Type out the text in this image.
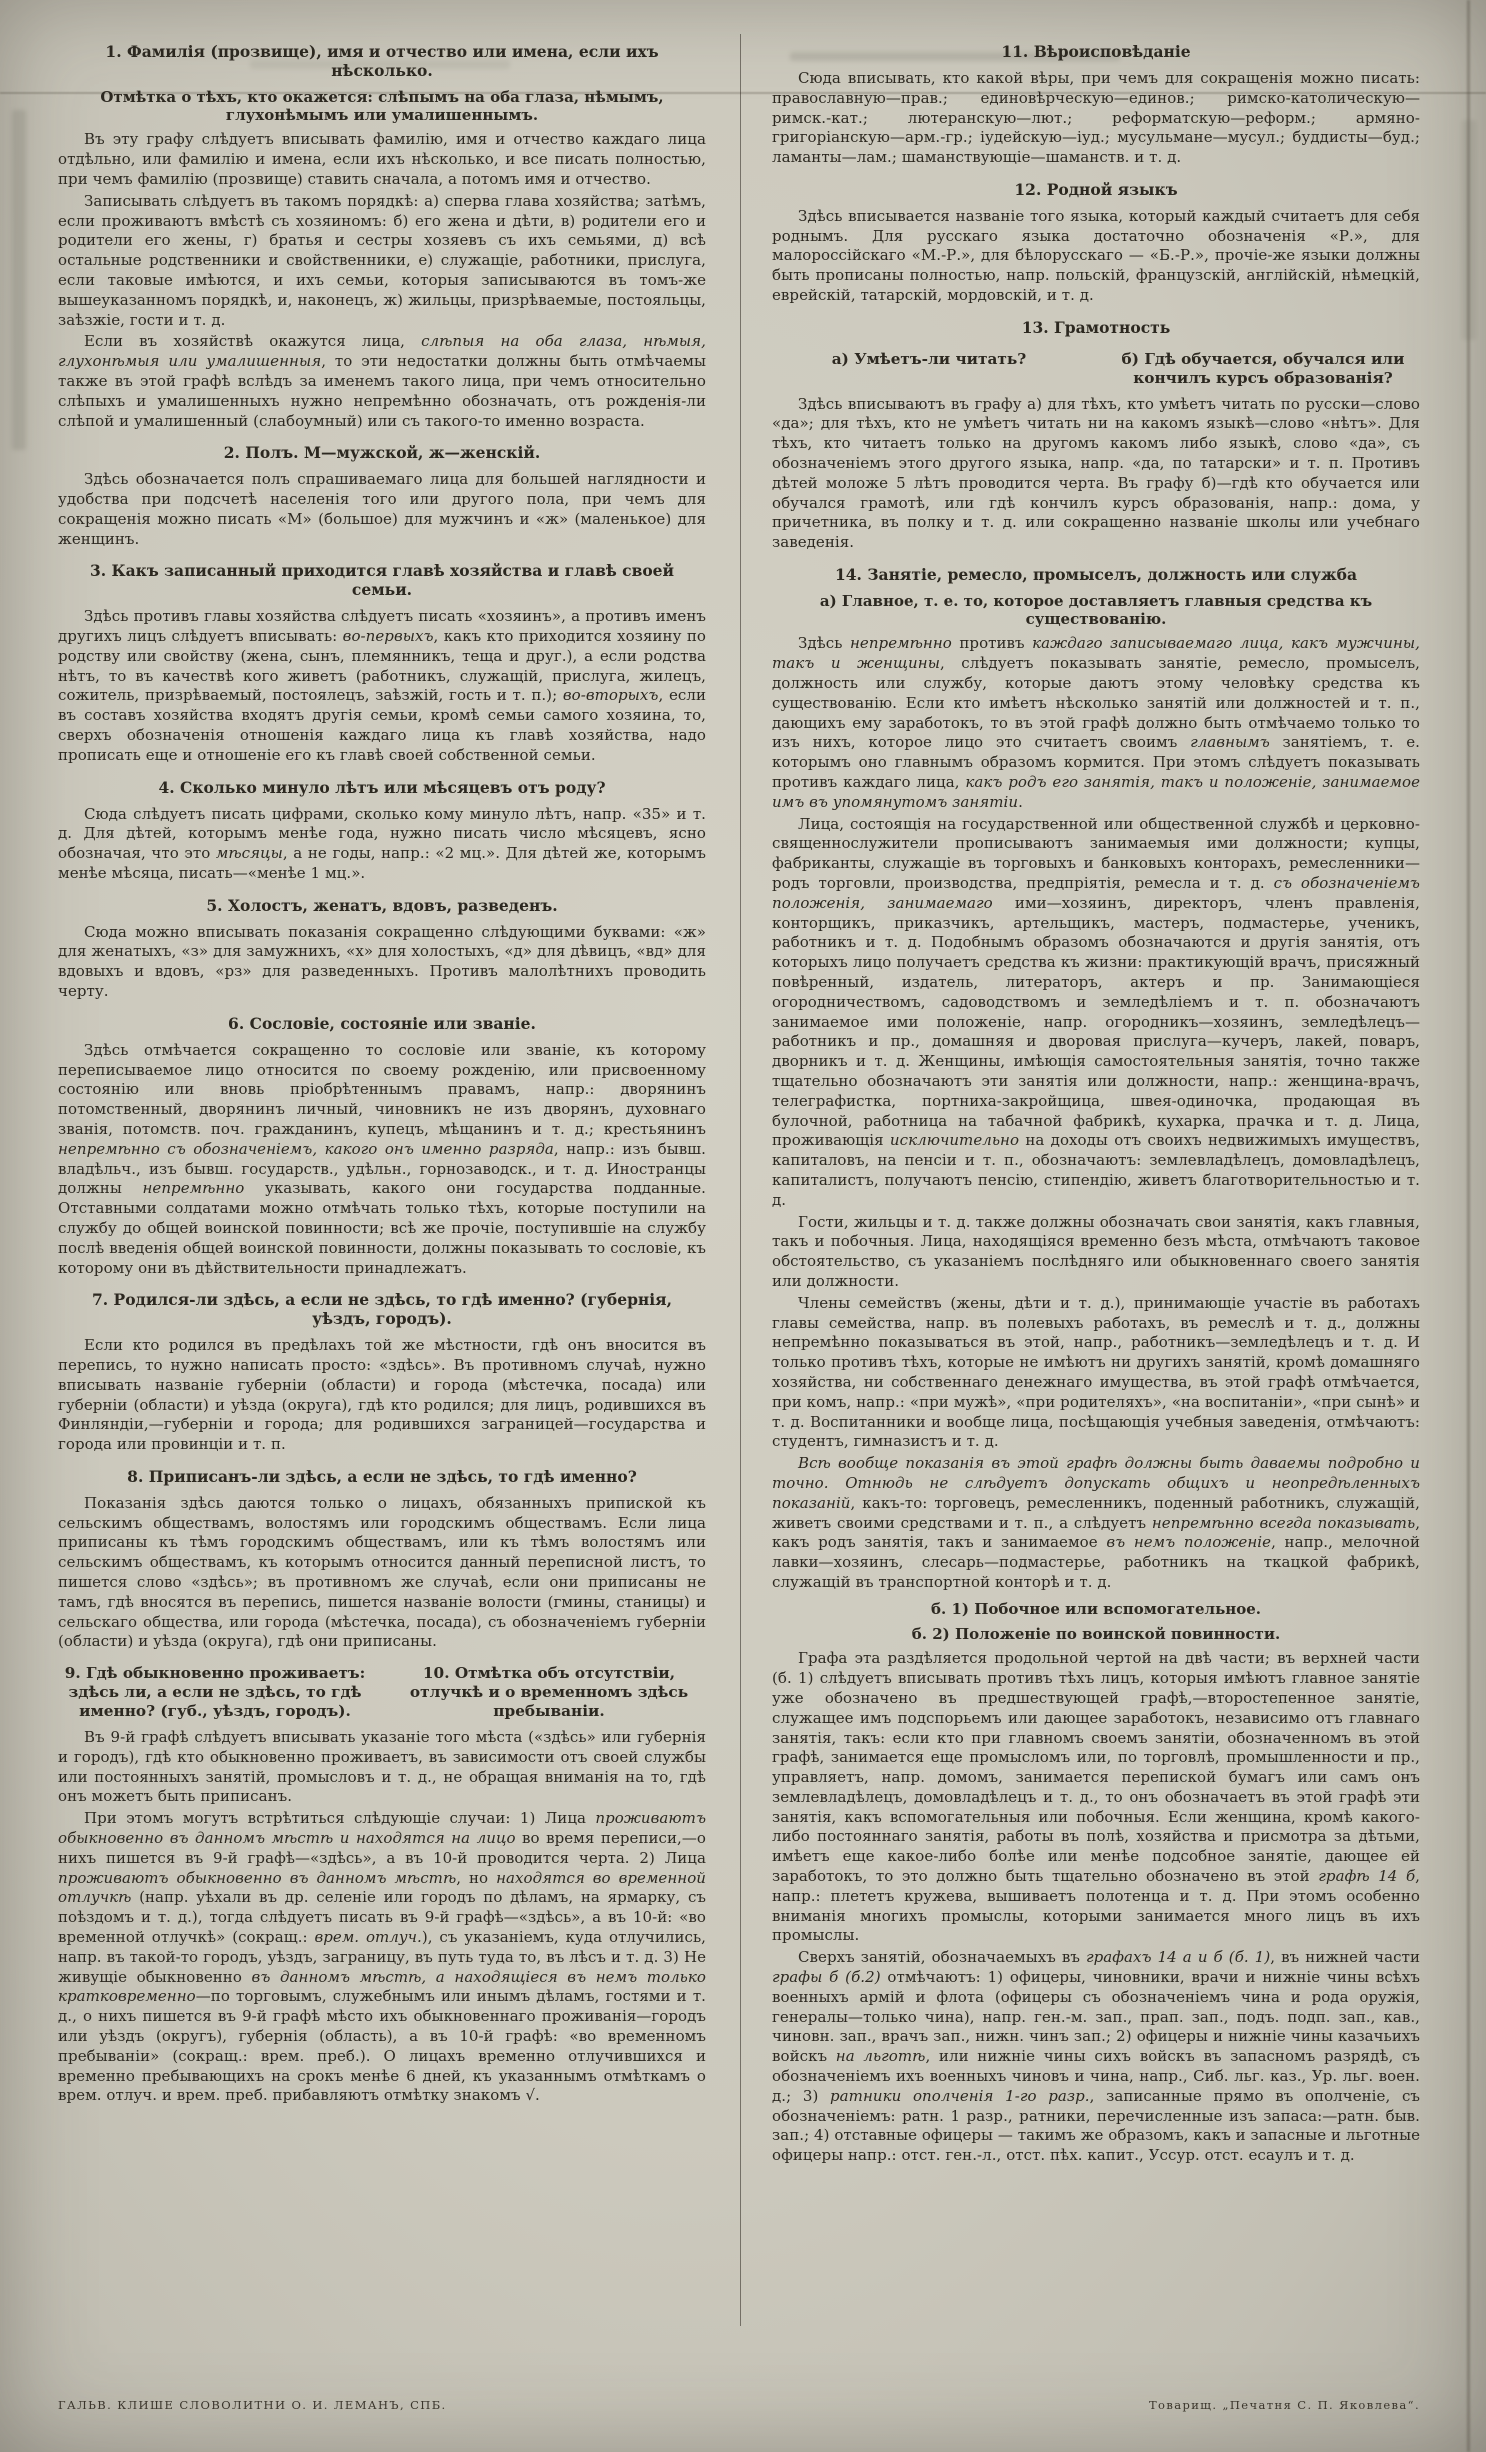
1. Фамилія (прозвище), имя и отчество или имена, если ихъ нѣсколько.
Отмѣтка о тѣхъ, кто окажется: слѣпымъ на оба глаза, нѣмымъ, глухонѣмымъ или умалишеннымъ.
Въ эту графу слѣдуетъ вписывать фамилію, имя и отчество каждаго лица отдѣльно, или фамилію и имена, если ихъ нѣсколько, и все писать полностью, при чемъ фамилію (прозвище) ставить сначала, а потомъ имя и отчество.
Записывать слѣдуетъ въ такомъ порядкѣ: а) сперва глава хозяйства; затѣмъ, если проживаютъ вмѣстѣ съ хозяиномъ: б) его жена и дѣти, в) родители его и родители его жены, г) братья и сестры хозяевъ съ ихъ семьями, д) всѣ остальные родственники и свойственники, е) служащіе, работники, прислуга, если таковые имѣются, и ихъ семьи, которыя записываются въ томъ-же вышеуказанномъ порядкѣ, и, наконецъ, ж) жильцы, призрѣваемые, постояльцы, заѣзжіе, гости и т. д.
Если въ хозяйствѣ окажутся лица, слѣпыя на оба глаза, нѣмыя, глухонѣмыя или умалишенныя, то эти недостатки должны быть отмѣчаемы также въ этой графѣ вслѣдъ за именемъ такого лица, при чемъ относительно слѣпыхъ и умалишенныхъ нужно непремѣнно обозначать, отъ рожденія-ли слѣпой и умалишенный (слабоумный) или съ такого-то именно возраста.
2. Полъ. М—мужской, ж—женскій.
Здѣсь обозначается полъ спрашиваемаго лица для большей наглядности и удобства при подсчетѣ населенія того или другого пола, при чемъ для сокращенія можно писать «М» (большое) для мужчинъ и «ж» (маленькое) для женщинъ.
3. Какъ записанный приходится главѣ хозяйства и главѣ своей семьи.
Здѣсь противъ главы хозяйства слѣдуетъ писать «хозяинъ», а противъ именъ другихъ лицъ слѣдуетъ вписывать: во-первыхъ, какъ кто приходится хозяину по родству или свойству (жена, сынъ, племянникъ, теща и друг.), а если родства нѣтъ, то въ качествѣ кого живетъ (работникъ, служащій, прислуга, жилецъ, сожитель, призрѣваемый, постоялецъ, заѣзжій, гость и т. п.); во-вторыхъ, если въ составъ хозяйства входятъ другія семьи, кромѣ семьи самого хозяина, то, сверхъ обозначенія отношенія каждаго лица къ главѣ хозяйства, надо прописать еще и отношеніе его къ главѣ своей собственной семьи.
4. Сколько минуло лѣтъ или мѣсяцевъ отъ роду?
Сюда слѣдуетъ писать цифрами, сколько кому минуло лѣтъ, напр. «35» и т. д. Для дѣтей, которымъ менѣе года, нужно писать число мѣсяцевъ, ясно обозначая, что это мѣсяцы, а не годы, напр.: «2 мц.». Для дѣтей же, которымъ менѣе мѣсяца, писать—«менѣе 1 мц.».
5. Холостъ, женатъ, вдовъ, разведенъ.
Сюда можно вписывать показанія сокращенно слѣдующими буквами: «ж» для женатыхъ, «з» для замужнихъ, «х» для холостыхъ, «д» для дѣвицъ, «вд» для вдовыхъ и вдовъ, «рз» для разведенныхъ. Противъ малолѣтнихъ проводить черту.
6. Сословіе, состояніе или званіе.
Здѣсь отмѣчается сокращенно то сословіе или званіе, къ которому переписываемое лицо относится по своему рожденію, или присвоенному состоянію или вновь пріобрѣтеннымъ правамъ, напр.: дворянинъ потомственный, дворянинъ личный, чиновникъ не изъ дворянъ, духовнаго званія, потомств. поч. гражданинъ, купецъ, мѣщанинъ и т. д.; крестьянинъ непремѣнно съ обозначеніемъ, какого онъ именно разряда, напр.: изъ бывш. владѣльч., изъ бывш. государств., удѣльн., горнозаводск., и т. д. Иностранцы должны непремѣнно указывать, какого они государства подданные. Отставными солдатами можно отмѣчать только тѣхъ, которые поступили на службу до общей воинской повинности; всѣ же прочіе, поступившіе на службу послѣ введенія общей воинской повинности, должны показывать то сословіе, къ которому они въ дѣйствительности принадлежатъ.
7. Родился-ли здѣсь, а если не здѣсь, то гдѣ именно? (губернія, уѣздъ, городъ).
Если кто родился въ предѣлахъ той же мѣстности, гдѣ онъ вносится въ перепись, то нужно написать просто: «здѣсь». Въ противномъ случаѣ, нужно вписывать названіе губерніи (области) и города (мѣстечка, посада) или губерніи (области) и уѣзда (округа), гдѣ кто родился; для лицъ, родившихся въ Финляндіи,—губерніи и города; для родившихся заграницей—государства и города или провинціи и т. п.
8. Приписанъ-ли здѣсь, а если не здѣсь, то гдѣ именно?
Показанія здѣсь даются только о лицахъ, обязанныхъ припиской къ сельскимъ обществамъ, волостямъ или городскимъ обществамъ. Если лица приписаны къ тѣмъ городскимъ обществамъ, или къ тѣмъ волостямъ или сельскимъ обществамъ, къ которымъ относится данный переписной листъ, то пишется слово «здѣсь»; въ противномъ же случаѣ, если они приписаны не тамъ, гдѣ вносятся въ перепись, пишется названіе волости (гмины, станицы) и сельскаго общества, или города (мѣстечка, посада), съ обозначеніемъ губерніи (области) и уѣзда (округа), гдѣ они приписаны.
9. Гдѣ обыкновенно проживаетъ: здѣсь ли, а если не здѣсь, то гдѣ именно? (губ., уѣздъ, городъ).
10. Отмѣтка объ отсутствіи, отлучкѣ и о временномъ здѣсь пребываніи.
Въ 9-й графѣ слѣдуетъ вписывать указаніе того мѣста («здѣсь» или губернія и городъ), гдѣ кто обыкновенно проживаетъ, въ зависимости отъ своей службы или постоянныхъ занятій, промысловъ и т. д., не обращая вниманія на то, гдѣ онъ можетъ быть приписанъ.
При этомъ могутъ встрѣтиться слѣдующіе случаи: 1) Лица проживаютъ обыкновенно въ данномъ мѣстѣ и находятся на лицо во время переписи,—о нихъ пишется въ 9-й графѣ—«здѣсь», а въ 10-й проводится черта. 2) Лица проживаютъ обыкновенно въ данномъ мѣстѣ, но находятся во временной отлучкѣ (напр. уѣхали въ др. селеніе или городъ по дѣламъ, на ярмарку, съ поѣздомъ и т. д.), тогда слѣдуетъ писать въ 9-й графѣ—«здѣсь», а въ 10-й: «во временной отлучкѣ» (сокращ.: врем. отлуч.), съ указаніемъ, куда отлучились, напр. въ такой-то городъ, уѣздъ, заграницу, въ путь туда то, въ лѣсъ и т. д. 3) Не живущіе обыкновенно въ данномъ мѣстѣ, а находящіеся въ немъ только кратковременно—по торговымъ, служебнымъ или инымъ дѣламъ, гостями и т. д., о нихъ пишется въ 9-й графѣ мѣсто ихъ обыкновеннаго проживанія—городъ или уѣздъ (округъ), губернія (область), а въ 10-й графѣ: «во временномъ пребываніи» (сокращ.: врем. преб.). О лицахъ временно отлучившихся и временно пребывающихъ на срокъ менѣе 6 дней, къ указаннымъ отмѣткамъ о врем. отлуч. и врем. преб. прибавляютъ отмѣтку знакомъ √.
11. Вѣроисповѣданіе
Сюда вписывать, кто какой вѣры, при чемъ для сокращенія можно писать: православную—прав.; единовѣрческую—единов.; римско-католическую—римск.-кат.; лютеранскую—лют.; реформатскую—реформ.; армяно-григоріанскую—арм.-гр.; іудейскую—іуд.; мусульмане—мусул.; буддисты—буд.; ламанты—лам.; шаманствующіе—шаманств. и т. д.
12. Родной языкъ
Здѣсь вписывается названіе того языка, который каждый считаетъ для себя роднымъ. Для русскаго языка достаточно обозначенія «Р.», для малороссійскаго «М.-Р.», для бѣлорусскаго — «Б.-Р.», прочіе-же языки должны быть прописаны полностью, напр. польскій, французскій, англійскій, нѣмецкій, еврейскій, татарскій, мордовскій, и т. д.
13. Грамотность
а) Умѣетъ-ли читать?	б) Гдѣ обучается, обучался или кончилъ курсъ образованія?
Здѣсь вписываютъ въ графу а) для тѣхъ, кто умѣетъ читать по русски—слово «да»; для тѣхъ, кто не умѣетъ читать ни на какомъ языкѣ—слово «нѣтъ». Для тѣхъ, кто читаетъ только на другомъ какомъ либо языкѣ, слово «да», съ обозначеніемъ этого другого языка, напр. «да, по татарски» и т. п. Противъ дѣтей моложе 5 лѣтъ проводится черта. Въ графу б)—гдѣ кто обучается или обучался грамотѣ, или гдѣ кончилъ курсъ образованія, напр.: дома, у причетника, въ полку и т. д. или сокращенно названіе школы или учебнаго заведенія.
14. Занятіе, ремесло, промыселъ, должность или служба
а) Главное, т. е. то, которое доставляетъ главныя средства къ существованію.
Здѣсь непремѣнно противъ каждаго записываемаго лица, какъ мужчины, такъ и женщины, слѣдуетъ показывать занятіе, ремесло, промыселъ, должность или службу, которые даютъ этому человѣку средства къ существованію. Если кто имѣетъ нѣсколько занятій или должностей и т. п., дающихъ ему заработокъ, то въ этой графѣ должно быть отмѣчаемо только то изъ нихъ, которое лицо это считаетъ своимъ главнымъ занятіемъ, т. е. которымъ оно главнымъ образомъ кормится. При этомъ слѣдуетъ показывать противъ каждаго лица, какъ родъ его занятія, такъ и положеніе, занимаемое имъ въ упомянутомъ занятіи.
Лица, состоящія на государственной или общественной службѣ и церковно-священнослужители прописываютъ занимаемыя ими должности; купцы, фабриканты, служащіе въ торговыхъ и банковыхъ конторахъ, ремесленники—родъ торговли, производства, предпріятія, ремесла и т. д. съ обозначеніемъ положенія, занимаемаго ими—хозяинъ, директоръ, членъ правленія, конторщикъ, приказчикъ, артельщикъ, мастеръ, подмастерье, ученикъ, работникъ и т. д. Подобнымъ образомъ обозначаются и другія занятія, отъ которыхъ лицо получаетъ средства къ жизни: практикующій врачъ, присяжный повѣренный, издатель, литераторъ, актеръ и пр. Занимающіеся огородничествомъ, садоводствомъ и земледѣліемъ и т. п. обозначаютъ занимаемое ими положеніе, напр. огородникъ—хозяинъ, земледѣлецъ—работникъ и пр., домашняя и дворовая прислуга—кучеръ, лакей, поваръ, дворникъ и т. д. Женщины, имѣющія самостоятельныя занятія, точно также тщательно обозначаютъ эти занятія или должности, напр.: женщина-врачъ, телеграфистка, портниха-закройщица, швея-одиночка, продающая въ булочной, работница на табачной фабрикѣ, кухарка, прачка и т. д. Лица, проживающія исключительно на доходы отъ своихъ недвижимыхъ имуществъ, капиталовъ, на пенсіи и т. п., обозначаютъ: землевладѣлецъ, домовладѣлецъ, капиталистъ, получаютъ пенсію, стипендію, живетъ благотворительностью и т. д.
Гости, жильцы и т. д. также должны обозначать свои занятія, какъ главныя, такъ и побочныя. Лица, находящіяся временно безъ мѣста, отмѣчаютъ таковое обстоятельство, съ указаніемъ послѣдняго или обыкновеннаго своего занятія или должности.
Члены семействъ (жены, дѣти и т. д.), принимающіе участіе въ работахъ главы семейства, напр. въ полевыхъ работахъ, въ ремеслѣ и т. д., должны непремѣнно показываться въ этой, напр., работникъ—земледѣлецъ и т. д. И только противъ тѣхъ, которые не имѣютъ ни другихъ занятій, кромѣ домашняго хозяйства, ни собственнаго денежнаго имущества, въ этой графѣ отмѣчается, при комъ, напр.: «при мужѣ», «при родителяхъ», «на воспитаніи», «при сынѣ» и т. д. Воспитанники и вообще лица, посѣщающія учебныя заведенія, отмѣчаютъ: студентъ, гимназистъ и т. д.
Всѣ вообще показанія въ этой графѣ должны быть даваемы подробно и точно. Отнюдь не слѣдуетъ допускать общихъ и неопредѣленныхъ показаній, какъ-то: торговецъ, ремесленникъ, поденный работникъ, служащій, живетъ своими средствами и т. п., а слѣдуетъ непремѣнно всегда показывать, какъ родъ занятія, такъ и занимаемое въ немъ положеніе, напр., мелочной лавки—хозяинъ, слесарь—подмастерье, работникъ на ткацкой фабрикѣ, служащій въ транспортной конторѣ и т. д.
б. 1) Побочное или вспомогательное.
б. 2) Положеніе по воинской повинности.
Графа эта раздѣляется продольной чертой на двѣ части; въ верхней части (б. 1) слѣдуетъ вписывать противъ тѣхъ лицъ, которыя имѣютъ главное занятіе уже обозначено въ предшествующей графѣ,—второстепенное занятіе, служащее имъ подспорьемъ или дающее заработокъ, независимо отъ главнаго занятія, такъ: если кто при главномъ своемъ занятіи, обозначенномъ въ этой графѣ, занимается еще промысломъ или, по торговлѣ, промышленности и пр., управляетъ, напр. домомъ, занимается перепиской бумагъ или самъ онъ землевладѣлецъ, домовладѣлецъ и т. д., то онъ обозначаетъ въ этой графѣ эти занятія, какъ вспомогательныя или побочныя. Если женщина, кромѣ какого-либо постояннаго занятія, работы въ полѣ, хозяйства и присмотра за дѣтьми, имѣетъ еще какое-либо болѣе или менѣе подсобное занятіе, дающее ей заработокъ, то это должно быть тщательно обозначено въ этой графѣ 14 б, напр.: плететъ кружева, вышиваетъ полотенца и т. д. При этомъ особенно вниманія многихъ промыслы, которыми занимается много лицъ въ ихъ промыслы.
Сверхъ занятій, обозначаемыхъ въ графахъ 14 а и б (б. 1), въ нижней части графы б (б.2) отмѣчаютъ: 1) офицеры, чиновники, врачи и нижніе чины всѣхъ военныхъ армій и флота (офицеры съ обозначеніемъ чина и рода оружія, генералы—только чина), напр. ген.-м. зап., прап. зап., подъ. подп. зап., кав., чиновн. зап., врачъ зап., нижн. чинъ зап.; 2) офицеры и нижніе чины казачьихъ войскъ на льготѣ, или нижніе чины сихъ войскъ въ запасномъ разрядѣ, съ обозначеніемъ ихъ военныхъ чиновъ и чина, напр., Сиб. льг. каз., Ур. льг. воен. д.; 3) ратники ополченія 1-го разр., записанные прямо въ ополченіе, съ обозначеніемъ: ратн. 1 разр., ратники, перечисленные изъ запаса:—ратн. быв. зап.; 4) отставные офицеры — такимъ же образомъ, какъ и запасные и льготные офицеры напр.: отст. ген.-л., отст. пѣх. капит., Уссур. отст. есаулъ и т. д.
ГАЛЬВ. КЛИШЕ СЛОВОЛИТНИ О. И. ЛЕМАНЪ, СПБ.	Товарищ. „Печатня С. П. Яковлева“.
